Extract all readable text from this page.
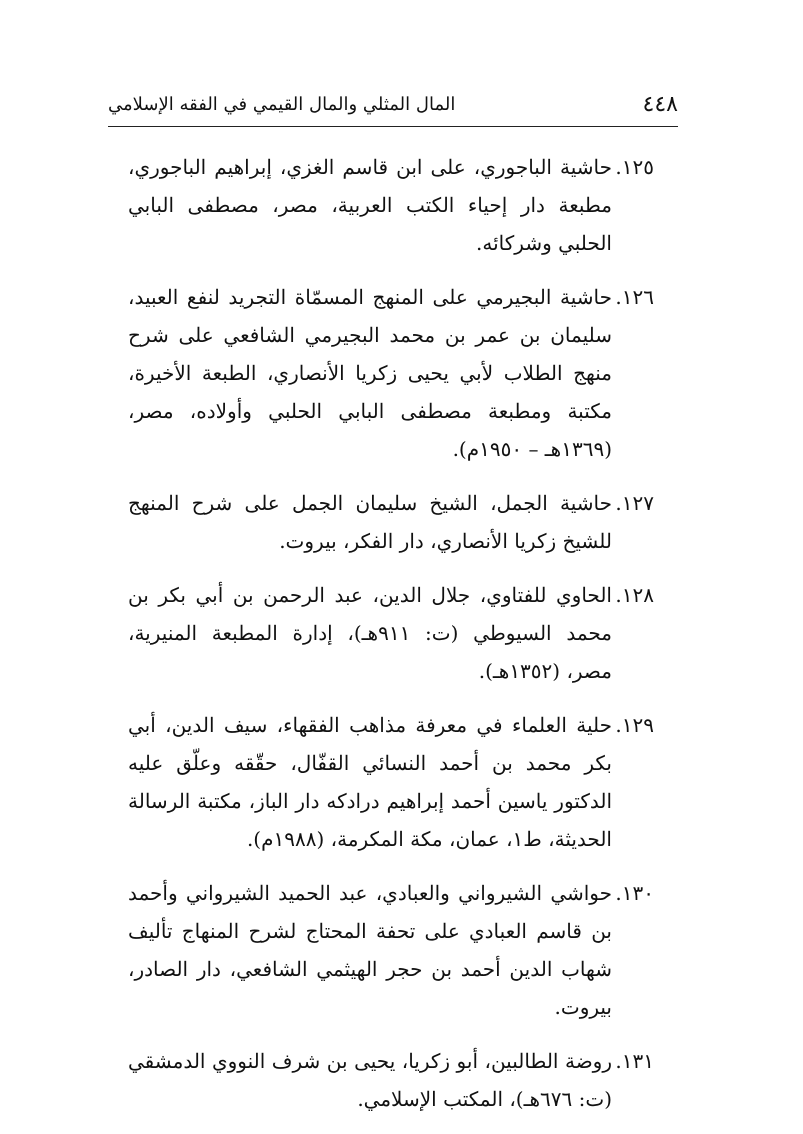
٤٤٨
المال المثلي والمال القيمي في الفقه الإسلامي
١٢٥.
حاشية الباجوري، على ابن قاسم الغزي، إبراهيم الباجوري، مطبعة دار إحياء الكتب العربية، مصر، مصطفى البابي الحلبي وشركائه.
١٢٦.
حاشية البجيرمي على المنهج المسمّاة التجريد لنفع العبيد، سليمان بن عمر بن محمد البجيرمي الشافعي على شرح منهج الطلاب لأبي يحيى زكريا الأنصاري، الطبعة الأخيرة، مكتبة ومطبعة مصطفى البابي الحلبي وأولاده، مصر، (١٣٦٩هـ – ١٩٥٠م).
١٢٧.
حاشية الجمل، الشيخ سليمان الجمل على شرح المنهج للشيخ زكريا الأنصاري، دار الفكر، بيروت.
١٢٨.
الحاوي للفتاوي، جلال الدين، عبد الرحمن بن أبي بكر بن محمد السيوطي (ت: ٩١١هـ)، إدارة المطبعة المنيرية، مصر، (١٣٥٢هـ).
١٢٩.
حلية العلماء في معرفة مذاهب الفقهاء، سيف الدين، أبي بكر محمد بن أحمد النسائي القفّال، حقّقه وعلّق عليه الدكتور ياسين أحمد إبراهيم درادكه دار الباز، مكتبة الرسالة الحديثة، ط١، عمان، مكة المكرمة، (١٩٨٨م).
١٣٠.
حواشي الشيرواني والعبادي، عبد الحميد الشيرواني وأحمد بن قاسم العبادي على تحفة المحتاج لشرح المنهاج تأليف شهاب الدين أحمد بن حجر الهيثمي الشافعي، دار الصادر، بيروت.
١٣١.
روضة الطالبين، أبو زكريا، يحيى بن شرف النووي الدمشقي (ت: ٦٧٦هـ)، المكتب الإسلامي.
